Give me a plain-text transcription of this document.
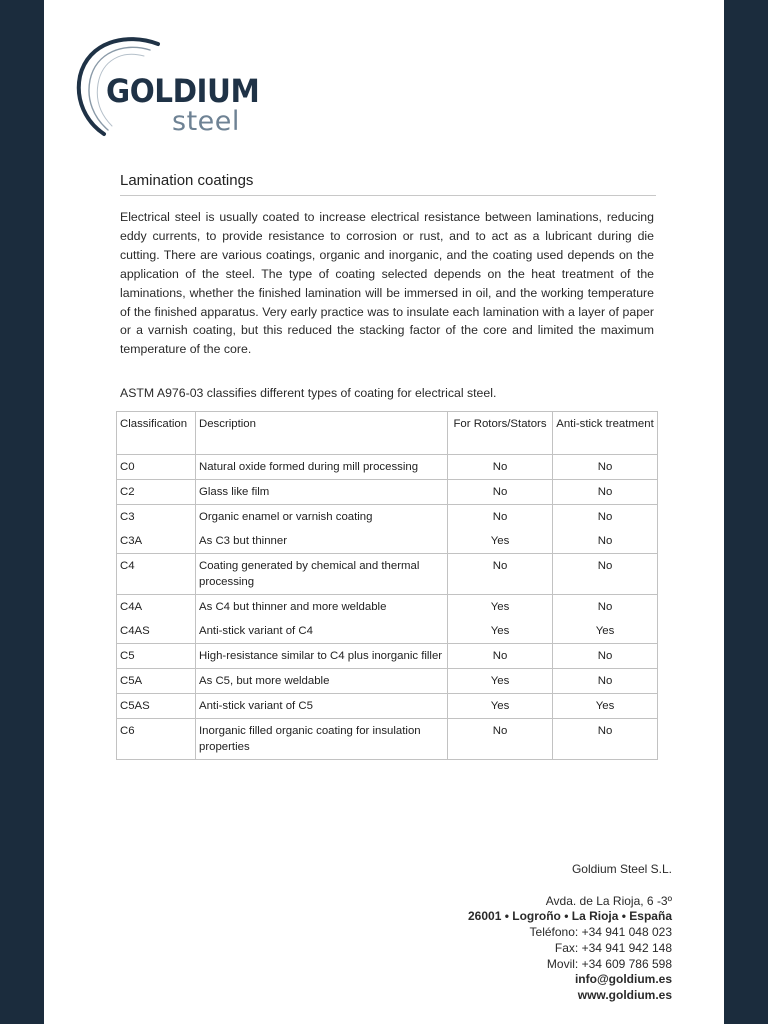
GOLDIUM
steel
Lamination coatings
Electrical steel is usually coated to increase electrical resistance between laminations, reducing eddy currents, to provide resistance to corrosion or rust, and to act as a lubricant during die cutting. There are various coatings, organic and inorganic, and the coating used depends on the application of the steel. The type of coating selected depends on the heat treatment of the laminations, whether the finished lamination will be immersed in oil, and the working temperature of the finished apparatus. Very early practice was to insulate each lamination with a layer of paper or a varnish coating, but this reduced the stacking factor of the core and limited the maximum temperature of the core.
ASTM A976-03 classifies different types of coating for electrical steel.
Classification	Description	For Rotors/Stators	Anti-stick treatment
C0	Natural oxide formed during mill processing	No	No
C2	Glass like film	No	No
C3	Organic enamel or varnish coating	No	No
C3A	As C3 but thinner	Yes	No
C4	Coating generated by chemical and thermal processing	No	No
C4A	As C4 but thinner and more weldable	Yes	No
C4AS	Anti-stick variant of C4	Yes	Yes
C5	High-resistance similar to C4 plus inorganic filler	No	No
C5A	As C5, but more weldable	Yes	No
C5AS	Anti-stick variant of C5	Yes	Yes
C6	Inorganic filled organic coating for insulation properties	No	No
Goldium Steel S.L.
Avda. de La Rioja, 6 -3º
26001 • Logroño • La Rioja • España
Teléfono: +34 941 048 023
Fax: +34 941 942 148
Movil: +34 609 786 598
info@goldium.es
www.goldium.es
